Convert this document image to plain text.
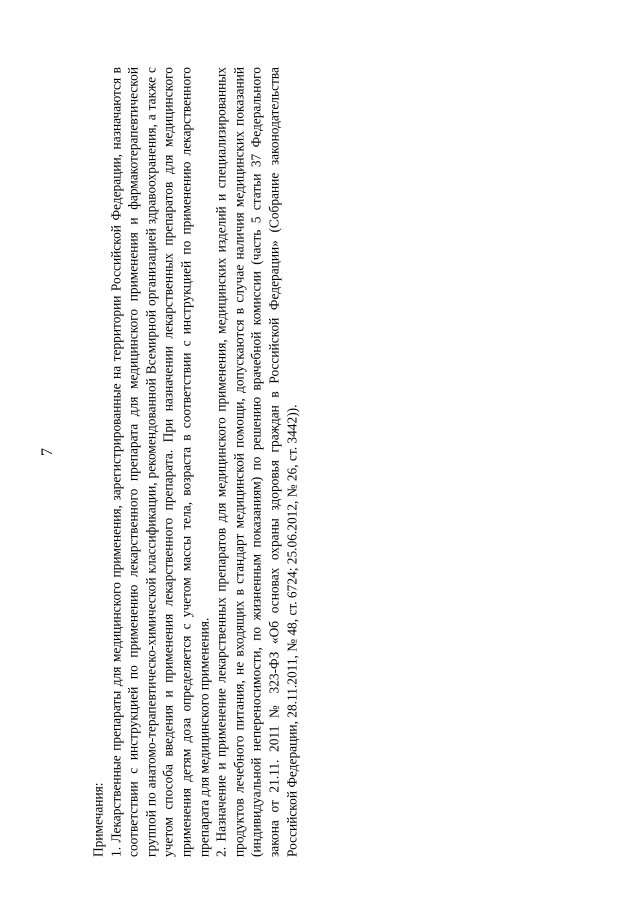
7
Примечания: 1. Лекарственные препараты для медицинского применения, зарегистрированные на территории Российской Федерации, назначаются в соответствии с инструкцией по применению лекарственного препарата для медицинского применения и фармакотерапевтической группой по анатомо-терапевтическо-химической классификации, рекомендованной Всемирной организацией здравоохранения, а также с учетом способа введения и применения лекарственного препарата. При назначении лекарственных препаратов для медицинского применения детям доза определяется с учетом массы тела, возраста в соответствии с инструкцией по применению лекарственного препарата для медицинского применения. 2. Назначение и применение лекарственных препаратов для медицинского применения, медицинских изделий и специализированных продуктов лечебного питания, не входящих в стандарт медицинской помощи, допускаются в случае наличия медицинских показаний (индивидуальной непереносимости, по жизненным показаниям) по решению врачебной комиссии (часть 5 статьи 37 Федерального закона от 21.11. 2011 № 323-ФЗ «Об основах охраны здоровья граждан в Российской Федерации» (Собрание законодательства Российской Федерации, 28.11.2011, № 48, ст. 6724; 25.06.2012, № 26, ст. 3442)).
